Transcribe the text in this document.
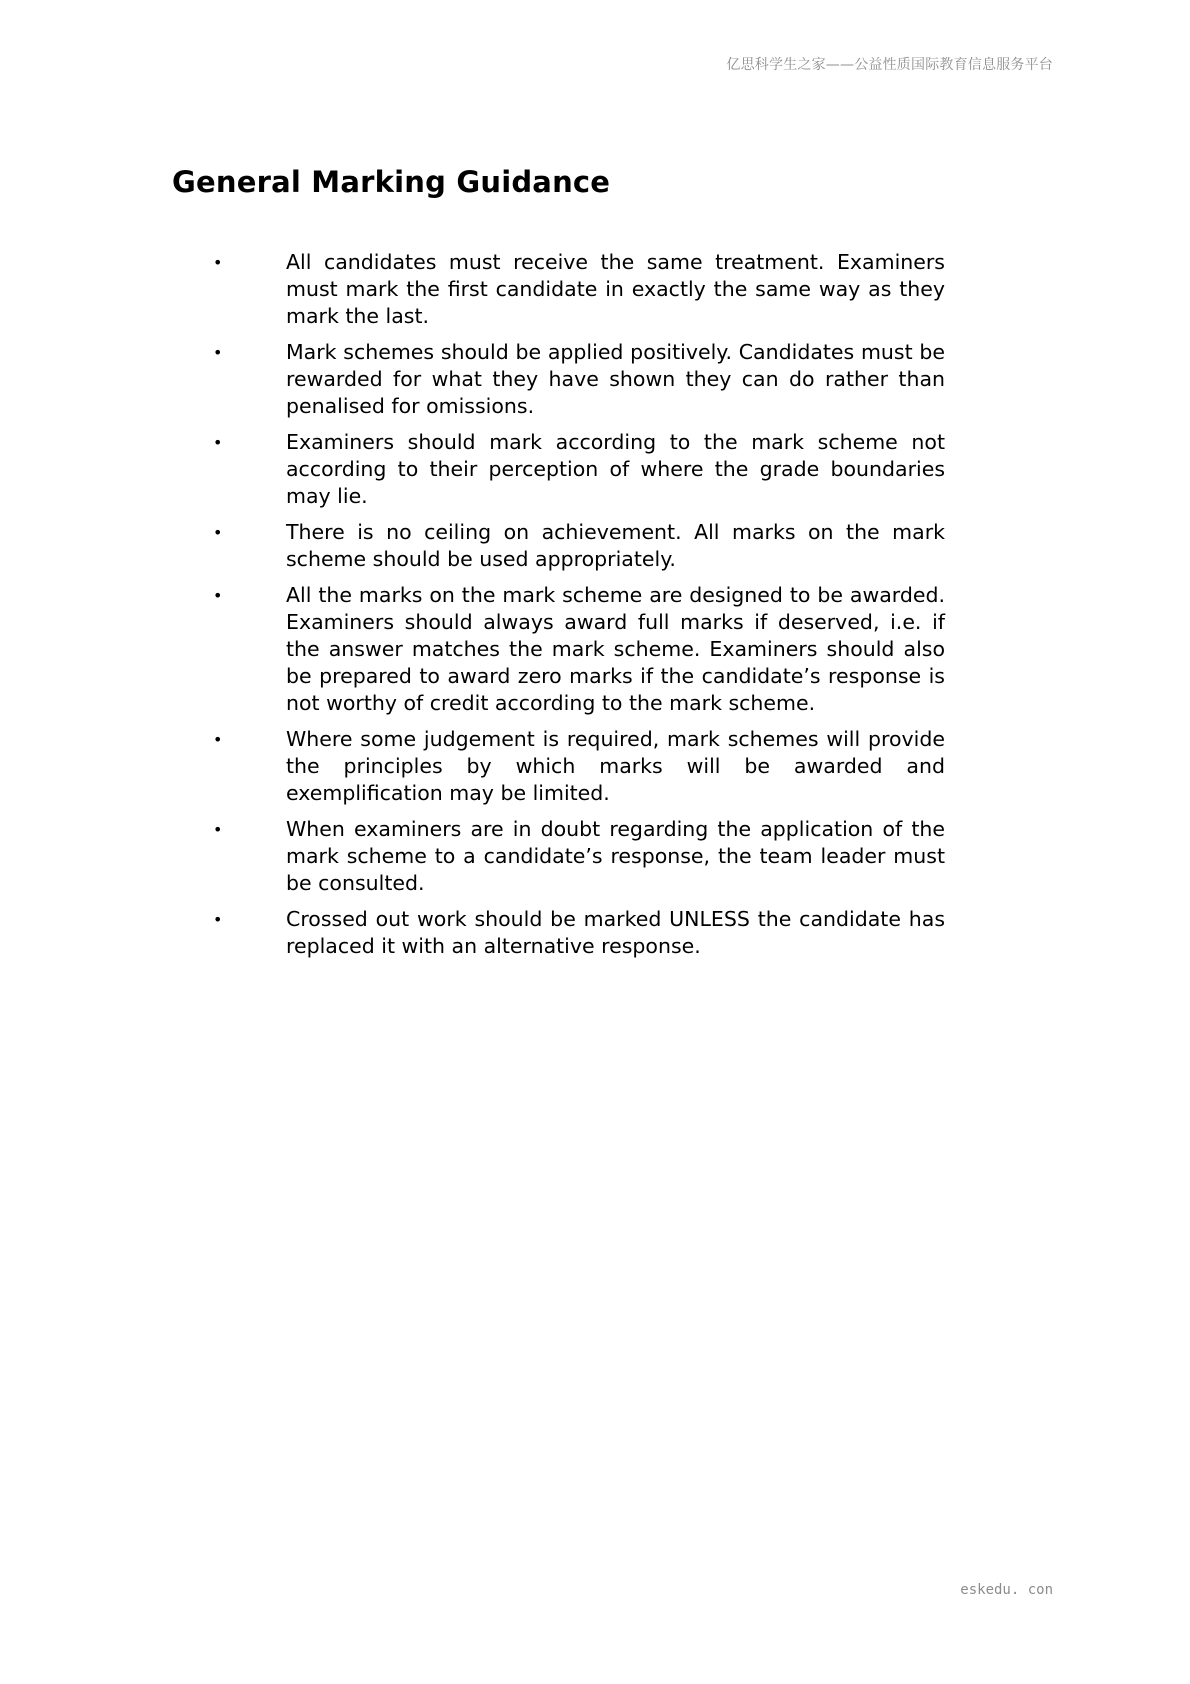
亿思科学生之家——公益性质国际教育信息服务平台
General Marking Guidance
•	All candidates must receive the same treatment. Examiners must mark the first candidate in exactly the same way as they mark the last.
•	Mark schemes should be applied positively. Candidates must be rewarded for what they have shown they can do rather than penalised for omissions.
•	Examiners should mark according to the mark scheme not according to their perception of where the grade boundaries may lie.
•	There is no ceiling on achievement. All marks on the mark scheme should be used appropriately.
•	All the marks on the mark scheme are designed to be awarded. Examiners should always award full marks if deserved, i.e. if the answer matches the mark scheme. Examiners should also be prepared to award zero marks if the candidate’s response is not worthy of credit according to the mark scheme.
•	Where some judgement is required, mark schemes will provide the principles by which marks will be awarded and exemplification may be limited.
•	When examiners are in doubt regarding the application of the mark scheme to a candidate’s response, the team leader must be consulted.
•	Crossed out work should be marked UNLESS the candidate has replaced it with an alternative response.
eskedu. con
